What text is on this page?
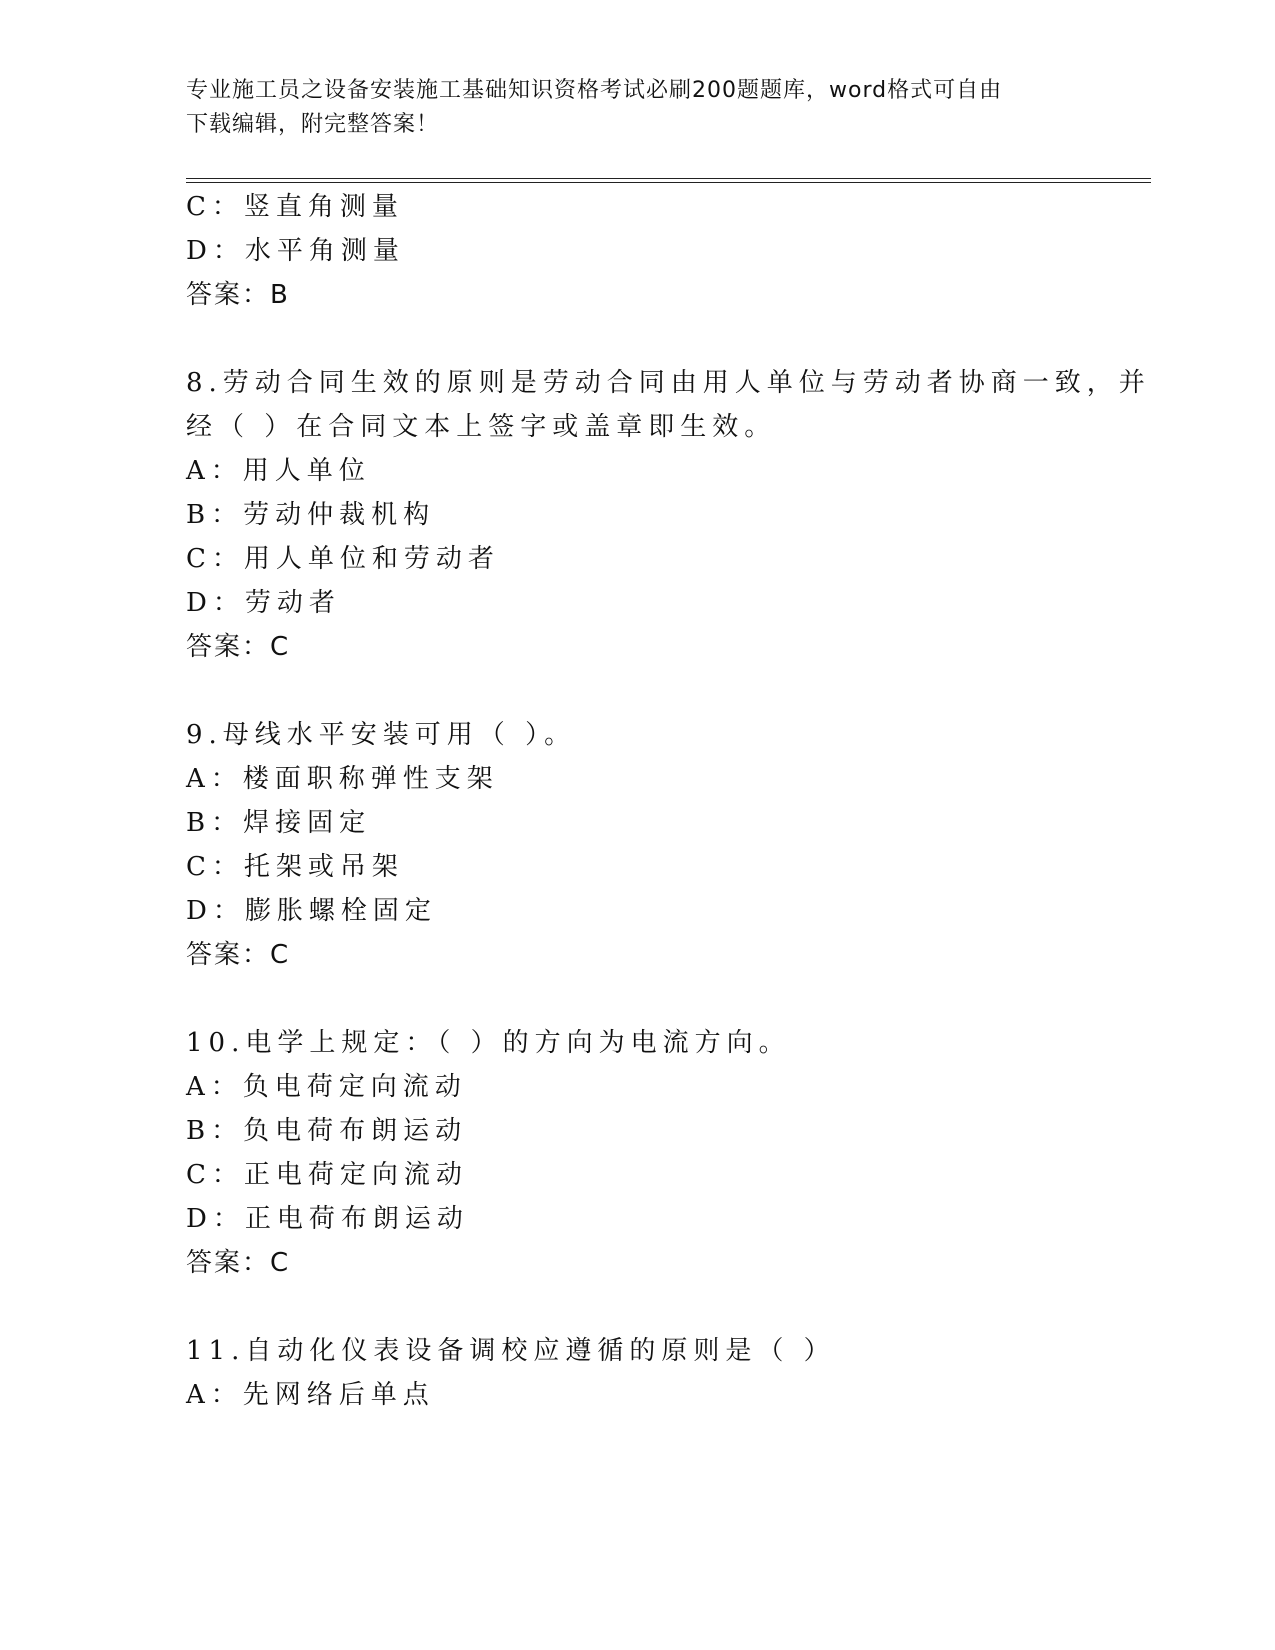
专业施工员之设备安装施工基础知识资格考试必刷200题题库，word格式可自由
下载编辑，附完整答案！
C：竖直角测量
D：水平角测量
答案：B
8.劳动合同生效的原则是劳动合同由用人单位与劳动者协商一致，并
经（ ）在合同文本上签字或盖章即生效。
A：用人单位
B：劳动仲裁机构
C：用人单位和劳动者
D：劳动者
答案：C
9.母线水平安装可用（ ）。
A：楼面职称弹性支架
B：焊接固定
C：托架或吊架
D：膨胀螺栓固定
答案：C
10.电学上规定：（ ）的方向为电流方向。
A：负电荷定向流动
B：负电荷布朗运动
C：正电荷定向流动
D：正电荷布朗运动
答案：C
11.自动化仪表设备调校应遵循的原则是（ ）
A：先网络后单点
